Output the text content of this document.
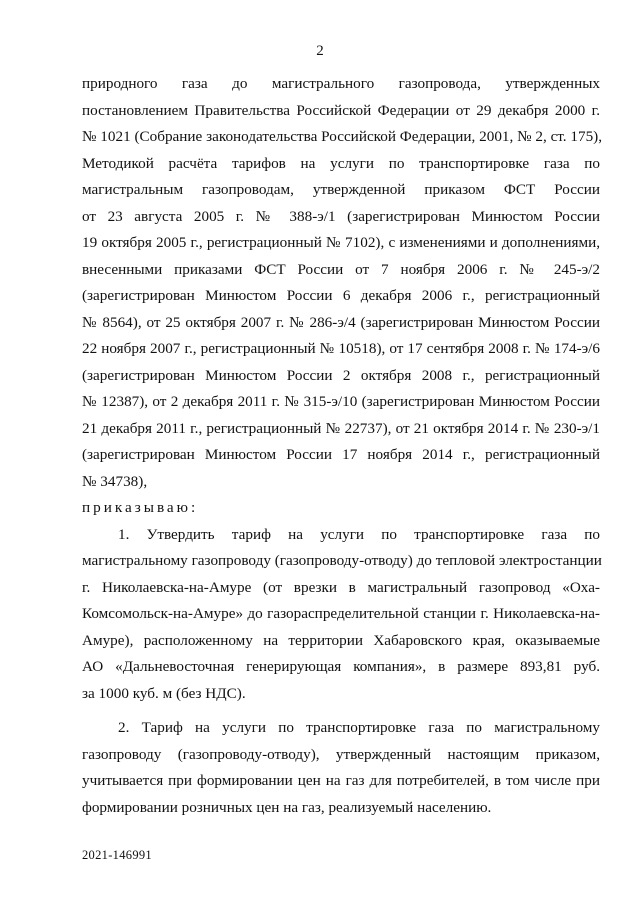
2
природного газа до магистрального газопровода, утвержденных
постановлением Правительства Российской Федерации от 29 декабря 2000 г.
№ 1021 (Собрание законодательства Российской Федерации, 2001, № 2, ст. 175),
Методикой расчёта тарифов на услуги по транспортировке газа по
магистральным газопроводам, утвержденной приказом ФСТ России
от 23 августа 2005 г. № 388-э/1 (зарегистрирован Минюстом России
19 октября 2005 г., регистрационный № 7102), с изменениями и дополнениями,
внесенными приказами ФСТ России от 7 ноября 2006 г. № 245-э/2
(зарегистрирован Минюстом России 6 декабря 2006 г., регистрационный
№ 8564), от 25 октября 2007 г. № 286-э/4 (зарегистрирован Минюстом России
22 ноября 2007 г., регистрационный № 10518), от 17 сентября 2008 г. № 174-э/6
(зарегистрирован Минюстом России 2 октября 2008 г., регистрационный
№ 12387), от 2 декабря 2011 г. № 315-э/10 (зарегистрирован Минюстом России
21 декабря 2011 г., регистрационный № 22737), от 21 октября 2014 г. № 230-э/1
(зарегистрирован Минюстом России 17 ноября 2014 г., регистрационный
№ 34738),
приказываю:
1. Утвердить тариф на услуги по транспортировке газа по
магистральному газопроводу (газопроводу-отводу) до тепловой электростанции
г. Николаевска-на-Амуре (от врезки в магистральный газопровод «Оха-
Комсомольск-на-Амуре» до газораспределительной станции г. Николаевска-на-
Амуре), расположенному на территории Хабаровского края, оказываемые
АО «Дальневосточная генерирующая компания», в размере 893,81 руб.
за 1000 куб. м (без НДС).
2. Тариф на услуги по транспортировке газа по магистральному
газопроводу (газопроводу-отводу), утвержденный настоящим приказом,
учитывается при формировании цен на газ для потребителей, в том числе при
формировании розничных цен на газ, реализуемый населению.
2021-146991
